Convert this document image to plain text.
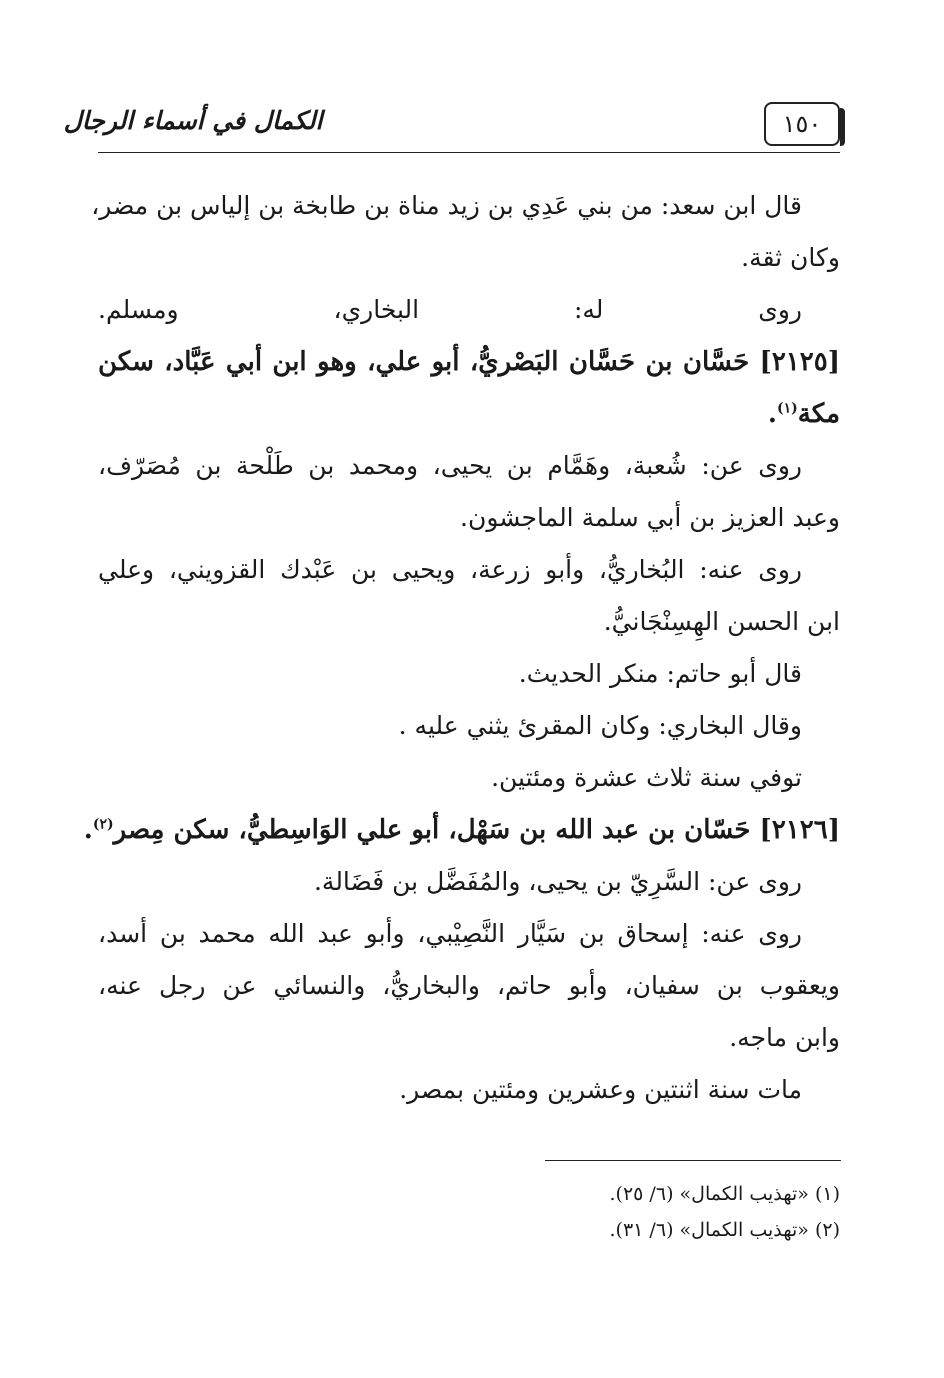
الكمال في أسماء الرجال	١٥٠
قال ابن سعد: من بني عَدِي بن زيد مناة بن طابخة بن إلياس بن مضر،
وكان ثقة.
روى له: البخاري، ومسلم.
[٢١٢٥] حَسَّان بن حَسَّان البَصْريُّ، أبو علي، وهو ابن أبي عَبَّاد، سكن
مكة$^{(١)}$.
روى عن: شُعبة، وهَمَّام بن يحيى، ومحمد بن طَلْحة بن مُصَرّف،
وعبد العزيز بن أبي سلمة الماجشون.
روى عنه: البُخاريُّ، وأبو زرعة، ويحيى بن عَبْدك القزويني، وعلي
ابن الحسن الهِسِنْجَانيُّ.
قال أبو حاتم: منكر الحديث.
وقال البخاري: وكان المقرئ يثني عليه .
توفي سنة ثلاث عشرة ومئتين.
[٢١٢٦] حَسّان بن عبد الله بن سَهْل، أبو علي الوَاسِطيُّ، سكن مِصر$^{(٢)}$.
روى عن: السَّرِيّ بن يحيى، والمُفَضَّل بن فَضَالة.
روى عنه: إسحاق بن سَيَّار النَّصِيْبي، وأبو عبد الله محمد بن أسد،
ويعقوب بن سفيان، وأبو حاتم، والبخاريُّ، والنسائي عن رجل عنه،
وابن ماجه.
مات سنة اثنتين وعشرين ومئتين بمصر.
(١) «تهذيب الكمال» (٦/ ٢٥).
(٢) «تهذيب الكمال» (٦/ ٣١).
